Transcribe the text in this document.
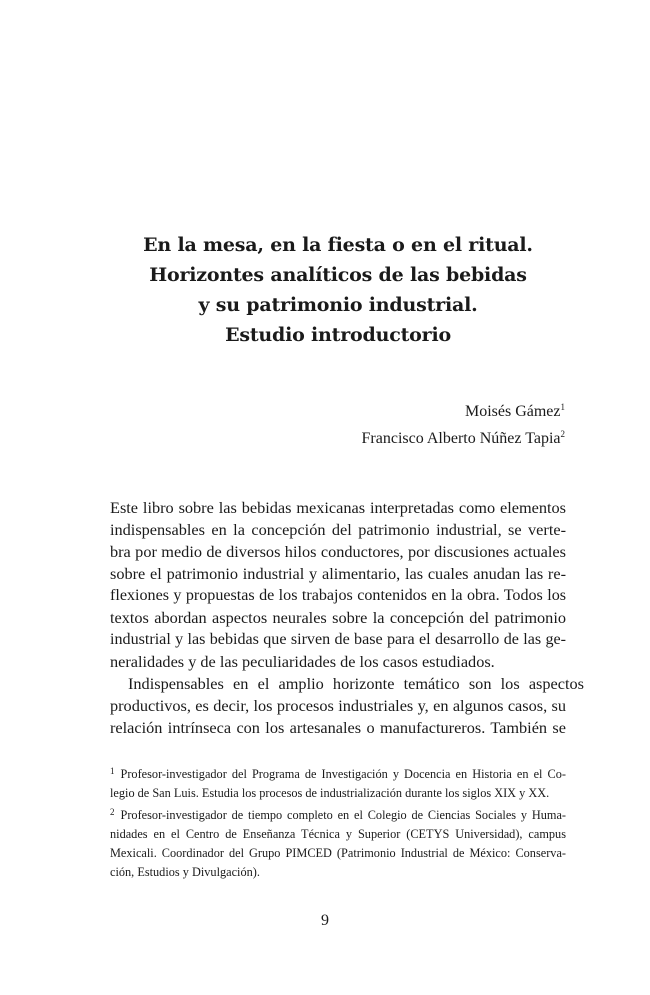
En la mesa, en la fiesta o en el ritual.
Horizontes analíticos de las bebidas
y su patrimonio industrial.
Estudio introductorio
Moisés Gámez$^1$
Francisco Alberto Núñez Tapia$^2$
Este libro sobre las bebidas mexicanas interpretadas como elementos
indispensables en la concepción del patrimonio industrial, se verte-
bra por medio de diversos hilos conductores, por discusiones actuales
sobre el patrimonio industrial y alimentario, las cuales anudan las re-
flexiones y propuestas de los trabajos contenidos en la obra. Todos los
textos abordan aspectos neurales sobre la concepción del patrimonio
industrial y las bebidas que sirven de base para el desarrollo de las ge-
neralidades y de las peculiaridades de los casos estudiados.
Indispensables en el amplio horizonte temático son los aspectos
productivos, es decir, los procesos industriales y, en algunos casos, su
relación intrínseca con los artesanales o manufactureros. También se
$^1$ Profesor-investigador del Programa de Investigación y Docencia en Historia en el Co-
legio de San Luis. Estudia los procesos de industrialización durante los siglos XIX y XX.
$^2$ Profesor-investigador de tiempo completo en el Colegio de Ciencias Sociales y Huma-
nidades en el Centro de Enseñanza Técnica y Superior (CETYS Universidad), campus
Mexicali. Coordinador del Grupo PIMCED (Patrimonio Industrial de México: Conserva-
ción, Estudios y Divulgación).
9
